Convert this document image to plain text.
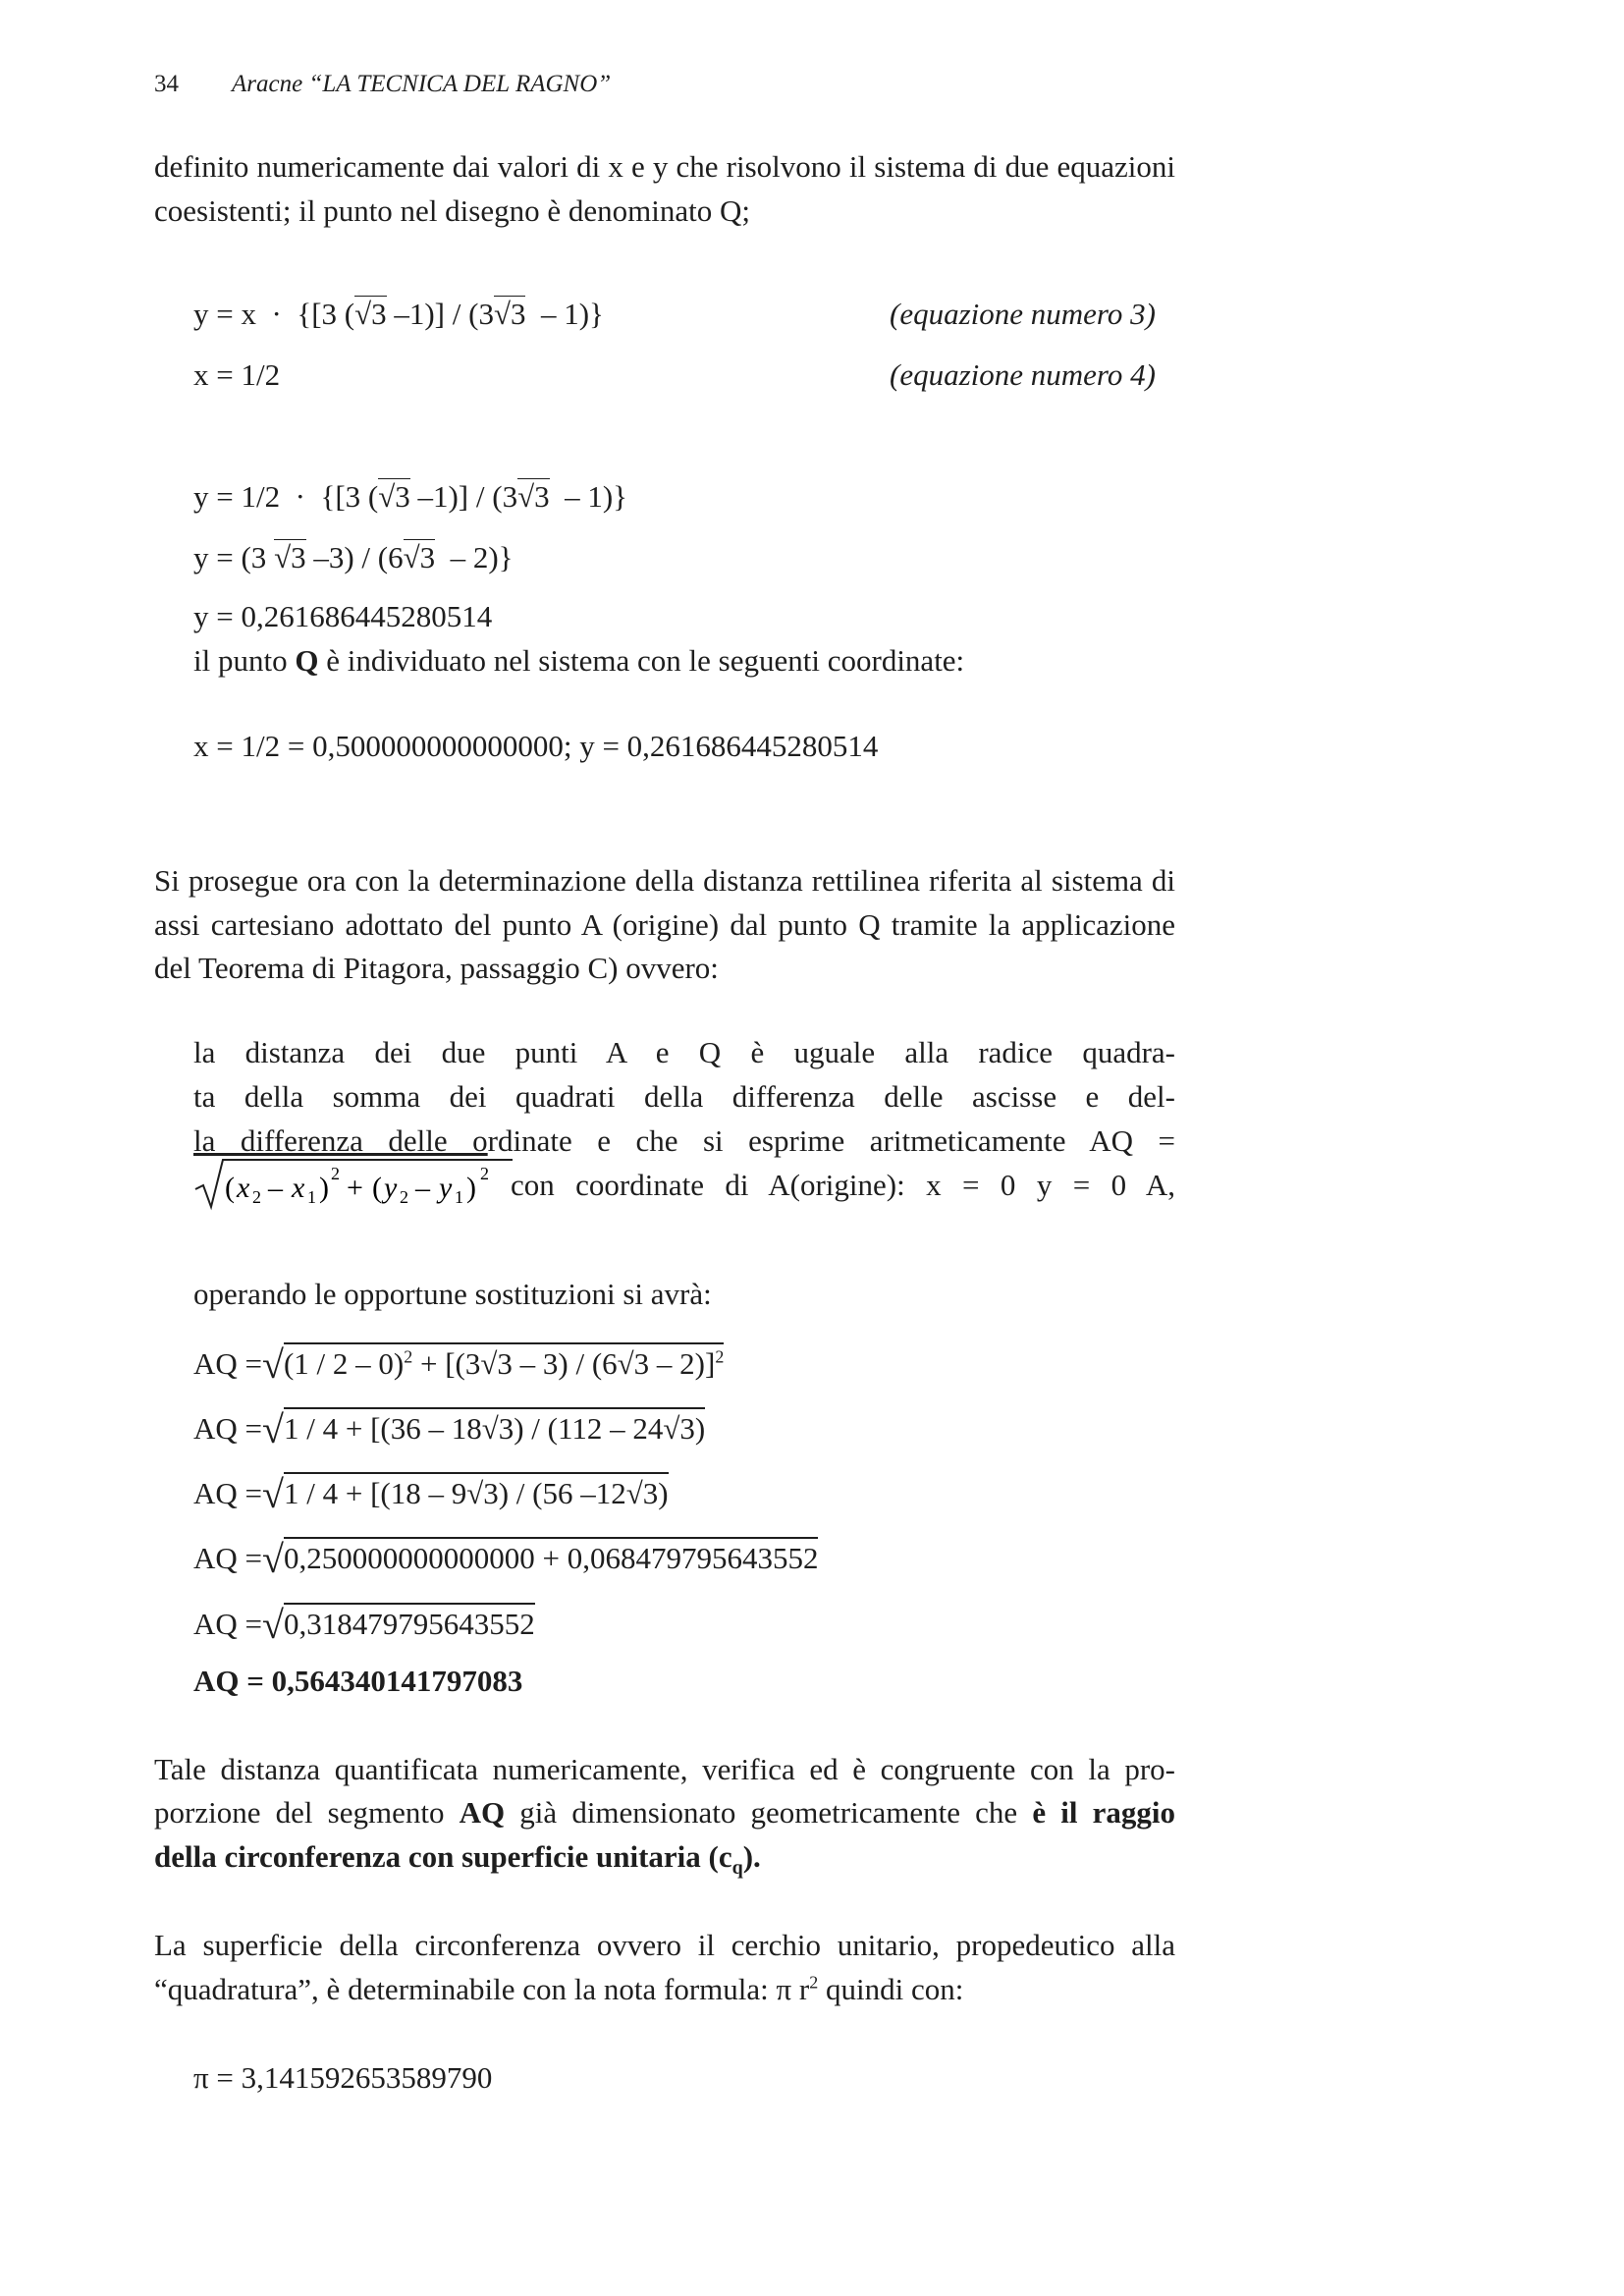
34 Aracne “LA TECNICA DEL RAGNO”
definito numericamente dai valori di x e y che risolvono il sistema di due equazioni coesistenti; il punto nel disegno è denominato Q;
y = x · {[3 (√3 –1)] / (3√3 – 1)}	(equazione numero 3)
x = 1/2	(equazione numero 4)
y = 1/2 · {[3 (√3 –1)] / (3√3 – 1)}
y = (3 √3 –3) / (6√3 – 2)}
y = 0,261686445280514
il punto Q è individuato nel sistema con le seguenti coordinate:
x = 1/2 = 0,500000000000000; y = 0,261686445280514
Si prosegue ora con la determinazione della distanza rettilinea riferita al sistema di assi cartesiano adottato del punto A (origine) dal punto Q tramite la applicazione del Teorema di Pitagora, passaggio C) ovvero:
la distanza dei due punti A e Q è uguale alla radice quadra-
ta della somma dei quadrati della differenza delle ascisse e del-
la differenza delle ordinate e che si esprime aritmeticamente AQ =
( x 2 – x 1 ) 2 + ( y 2 – y 1 ) 2 con coordinate di A(origine): x = 0 y = 0 A,
operando le opportune sostituzioni si avrà:
AQ =√(1 / 2 – 0)$^2$ + [(3√3 – 3) / (6√3 – 2)]$^2$
AQ =√1 / 4 + [(36 – 18√3) / (112 – 24√3)
AQ =√1 / 4 + [(18 – 9√3) / (56 –12√3)
AQ =√0,250000000000000 + 0,068479795643552
AQ =√0,318479795643552
AQ = 0,564340141797083
Tale distanza quantificata numericamente, verifica ed è congruente con la pro-
porzione del segmento AQ già dimensionato geometricamente che è il raggio
della circonferenza con superficie unitaria $(c_q)$.
La superficie della circonferenza ovvero il cerchio unitario, propedeutico alla
“quadratura”, è determinabile con la nota formula: π $r^2$ quindi con:
π = 3,141592653589790
